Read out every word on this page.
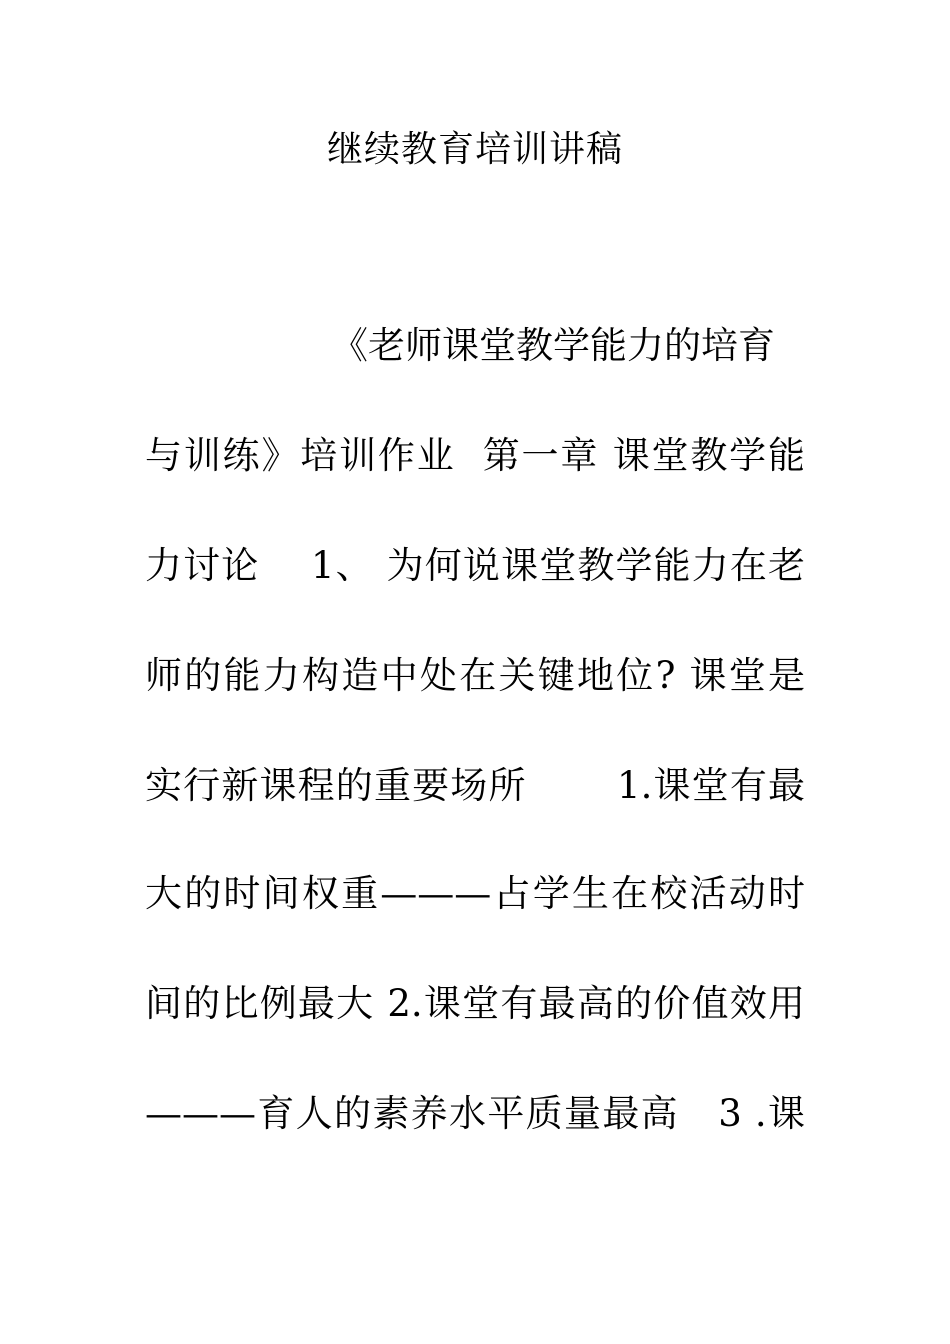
继续教育培训讲稿
《老师课堂教学能力的培育
与训练》培训作业  第一章 课堂教学能
力讨论    1、 为何说课堂教学能力在老
师的能力构造中处在关键地位? 课堂是
实行新课程的重要场所       1.课堂有最
大的时间权重———占学生在校活动时
间的比例最大 2.课堂有最高的价值效用
———育人的素养水平质量最高   3 .课
